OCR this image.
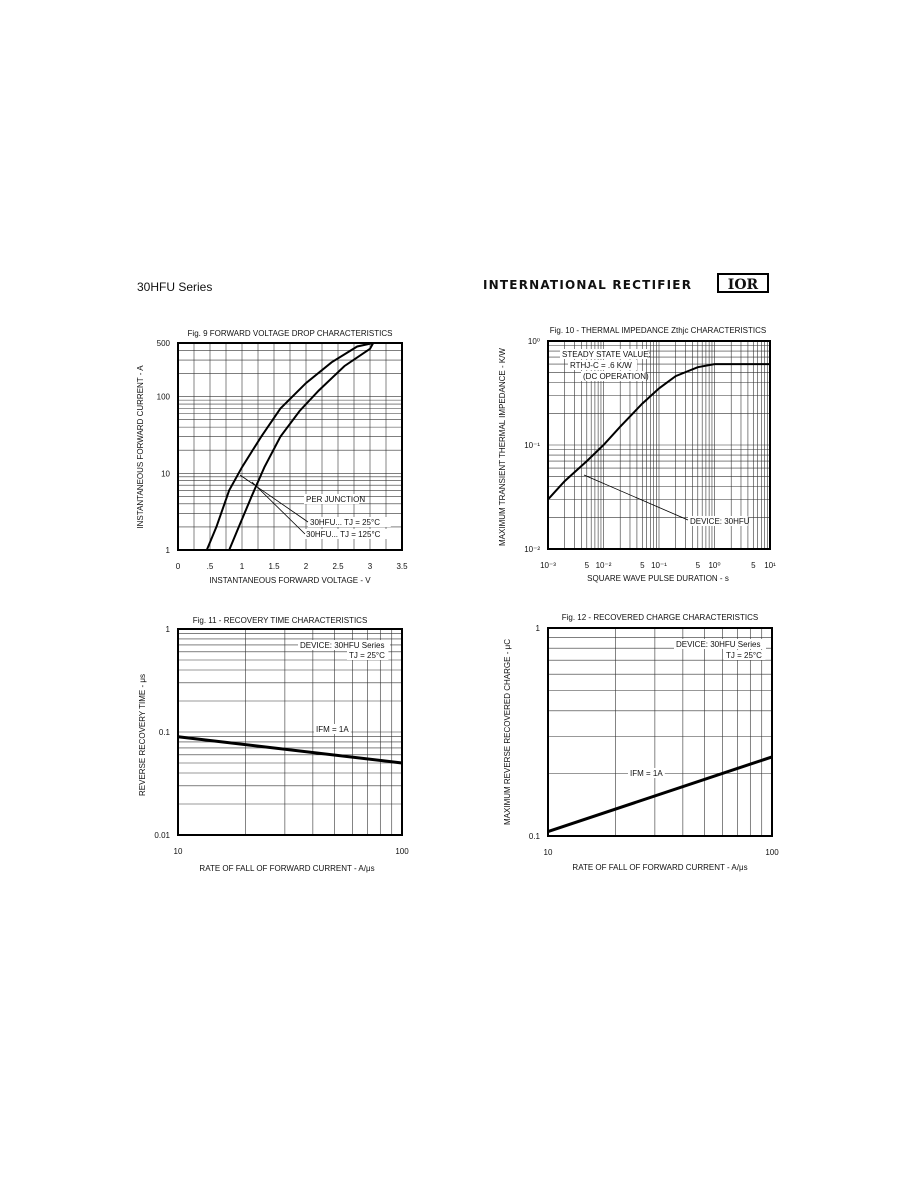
30HFU Series	INTERNATIONAL RECTIFIER	IOR
0	.5	1	1.5	2	2.5	3	3.5
1
10
100
500
Fig. 9 FORWARD VOLTAGE DROP CHARACTERISTICS
INSTANTANEOUS FORWARD VOLTAGE - V
INSTANTANEOUS FORWARD CURRENT - A	PER JUNCTION
30HFU... TJ = 25°C
30HFU... TJ = 125°C
10⁻³	5 10⁻²	5 10⁻¹	5 10⁰	5 10¹
10⁻²
10⁻¹
10⁰
Fig. 10 - THERMAL IMPEDANCE Zthjc CHARACTERISTICS
SQUARE WAVE PULSE DURATION - s
MAXIMUM TRANSIENT THERMAL IMPEDANCE - K/W	STEADY STATE VALUE:
RTHJ-C = .6 K/W
(DC OPERATION)
DEVICE: 30HFU
10	100
0.01
0.1
1
Fig. 11 - RECOVERY TIME CHARACTERISTICS
RATE OF FALL OF FORWARD CURRENT - A/μs
REVERSE RECOVERY TIME - μs
DEVICE: 30HFU Series
TJ = 25°C
IFM = 1A
10	100
0.1
1
Fig. 12 - RECOVERED CHARGE CHARACTERISTICS
RATE OF FALL OF FORWARD CURRENT - A/μs
MAXIMUM REVERSE RECOVERED CHARGE - μC	DEVICE: 30HFU Series
TJ = 25°C
IFM = 1A
